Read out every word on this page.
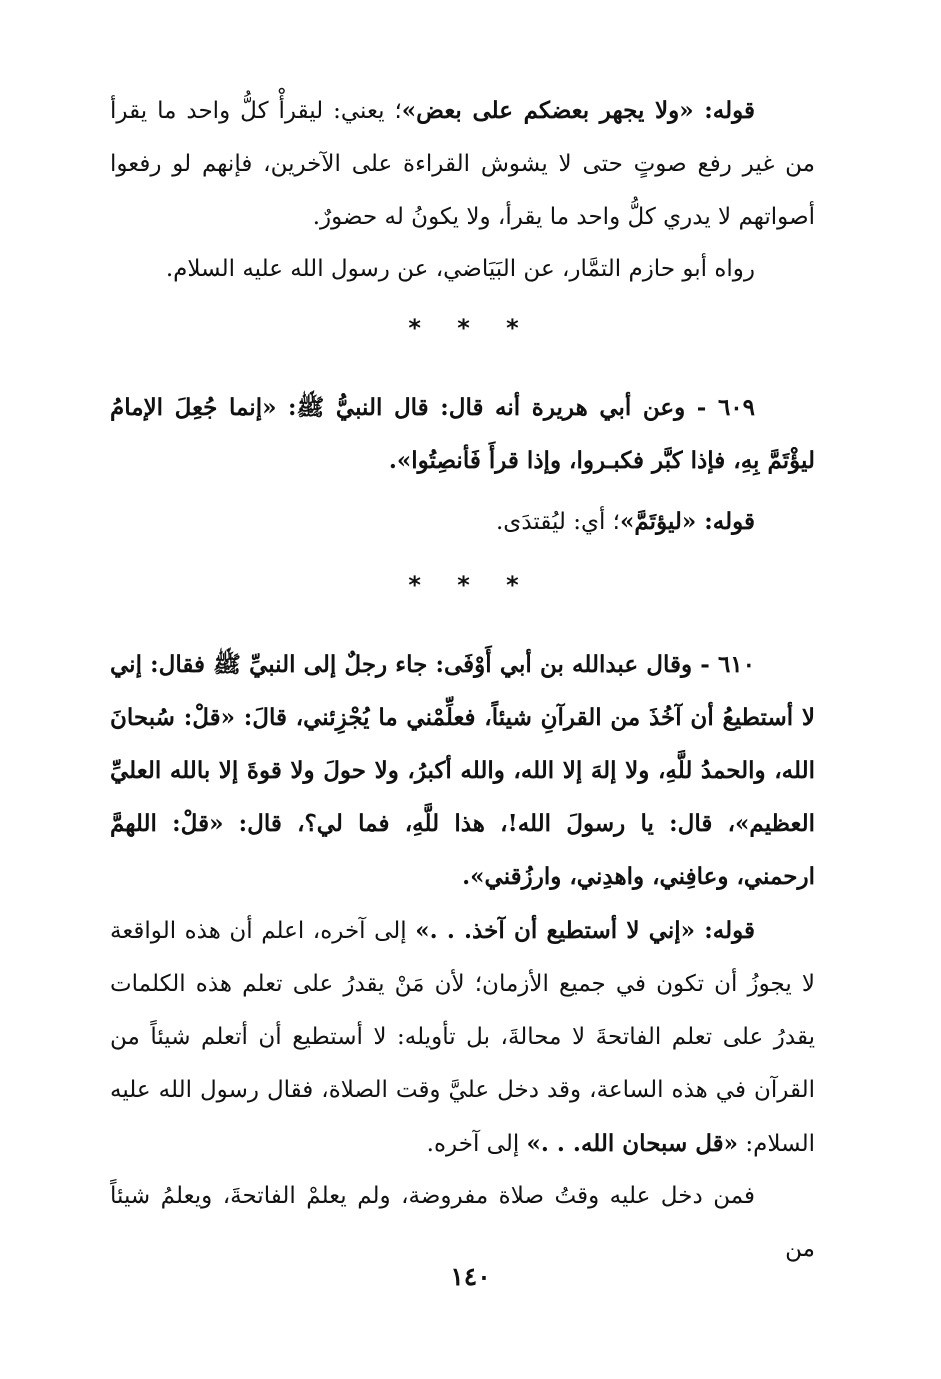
قوله: «ولا يجهر بعضكم على بعض»؛ يعني: ليقرأْ كلُّ واحد ما يقرأ من غير رفع صوتٍ حتى لا يشوش القراءة على الآخرين، فإنهم لو رفعوا أصواتهم لا يدري كلُّ واحد ما يقرأ، ولا يكونُ له حضورٌ.

رواه أبو حازم التمَّار، عن البَيَاضي، عن رسول الله عليه السلام.

* * *

٦٠٩ - وعن أبي هريرة أنه قال: قال النبيُّ ﷺ: «إنما جُعِلَ الإمامُ ليؤْتَمَّ بِهِ، فإذا كبَّر فكبـروا، وإذا قرأَ فَأنصِتُوا».

قوله: «ليؤتَمَّ»؛ أي: ليُقتدَى.

* * *

٦١٠ - وقال عبدالله بن أبي أَوْفَى: جاء رجلٌ إلى النبيِّ ﷺ فقال: إني لا أستطيعُ أن آخُذَ من القرآنِ شيئاً، فعلِّمْني ما يُجْزِئني، قالَ: «قلْ: سُبحانَ الله، والحمدُ للَّهِ، ولا إلهَ إلا الله، والله أكبرُ، ولا حولَ ولا قوةَ إلا بالله العليِّ العظيم»، قال: يا رسولَ الله!، هذا للَّهِ، فما لي؟، قال: «قلْ: اللهمَّ ارحمني، وعافِني، واهدِني، وارزُقني».

قوله: «إني لا أستطيع أن آخذ. . .» إلى آخره، اعلم أن هذه الواقعة لا يجوزُ أن تكون في جميع الأزمان؛ لأن مَنْ يقدرُ على تعلم هذه الكلمات يقدرُ على تعلم الفاتحةَ لا محالةَ، بل تأويله: لا أستطيع أن أتعلم شيئاً من القرآن في هذه الساعة، وقد دخل عليَّ وقت الصلاة، فقال رسول الله عليه السلام: «قل سبحان الله. . .» إلى آخره.

فمن دخل عليه وقتُ صلاة مفروضة، ولم يعلمْ الفاتحةَ، ويعلمُ شيئاً من

١٤٠
